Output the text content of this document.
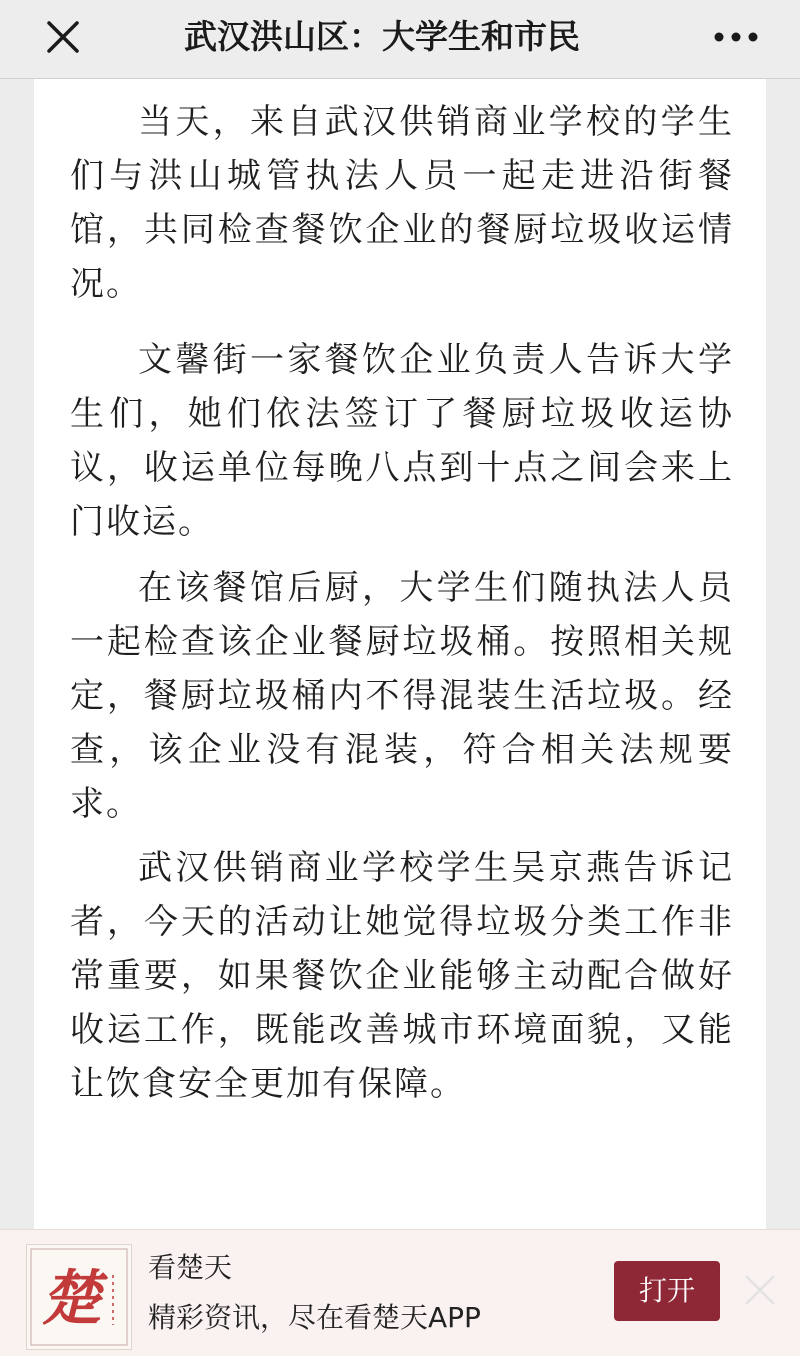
武汉洪山区：大学生和市民

当天，来自武汉供销商业学校的学生们与洪山城管执法人员一起走进沿街餐馆，共同检查餐饮企业的餐厨垃圾收运情况。

文馨街一家餐饮企业负责人告诉大学生们，她们依法签订了餐厨垃圾收运协议，收运单位每晚八点到十点之间会来上门收运。

在该餐馆后厨，大学生们随执法人员一起检查该企业餐厨垃圾桶。按照相关规定，餐厨垃圾桶内不得混装生活垃圾。经查，该企业没有混装，符合相关法规要求。

武汉供销商业学校学生吴京燕告诉记者，今天的活动让她觉得垃圾分类工作非常重要，如果餐饮企业能够主动配合做好收运工作，既能改善城市环境面貌，又能让饮食安全更加有保障。

楚 看楚天
精彩资讯，尽在看楚天APP
打开
